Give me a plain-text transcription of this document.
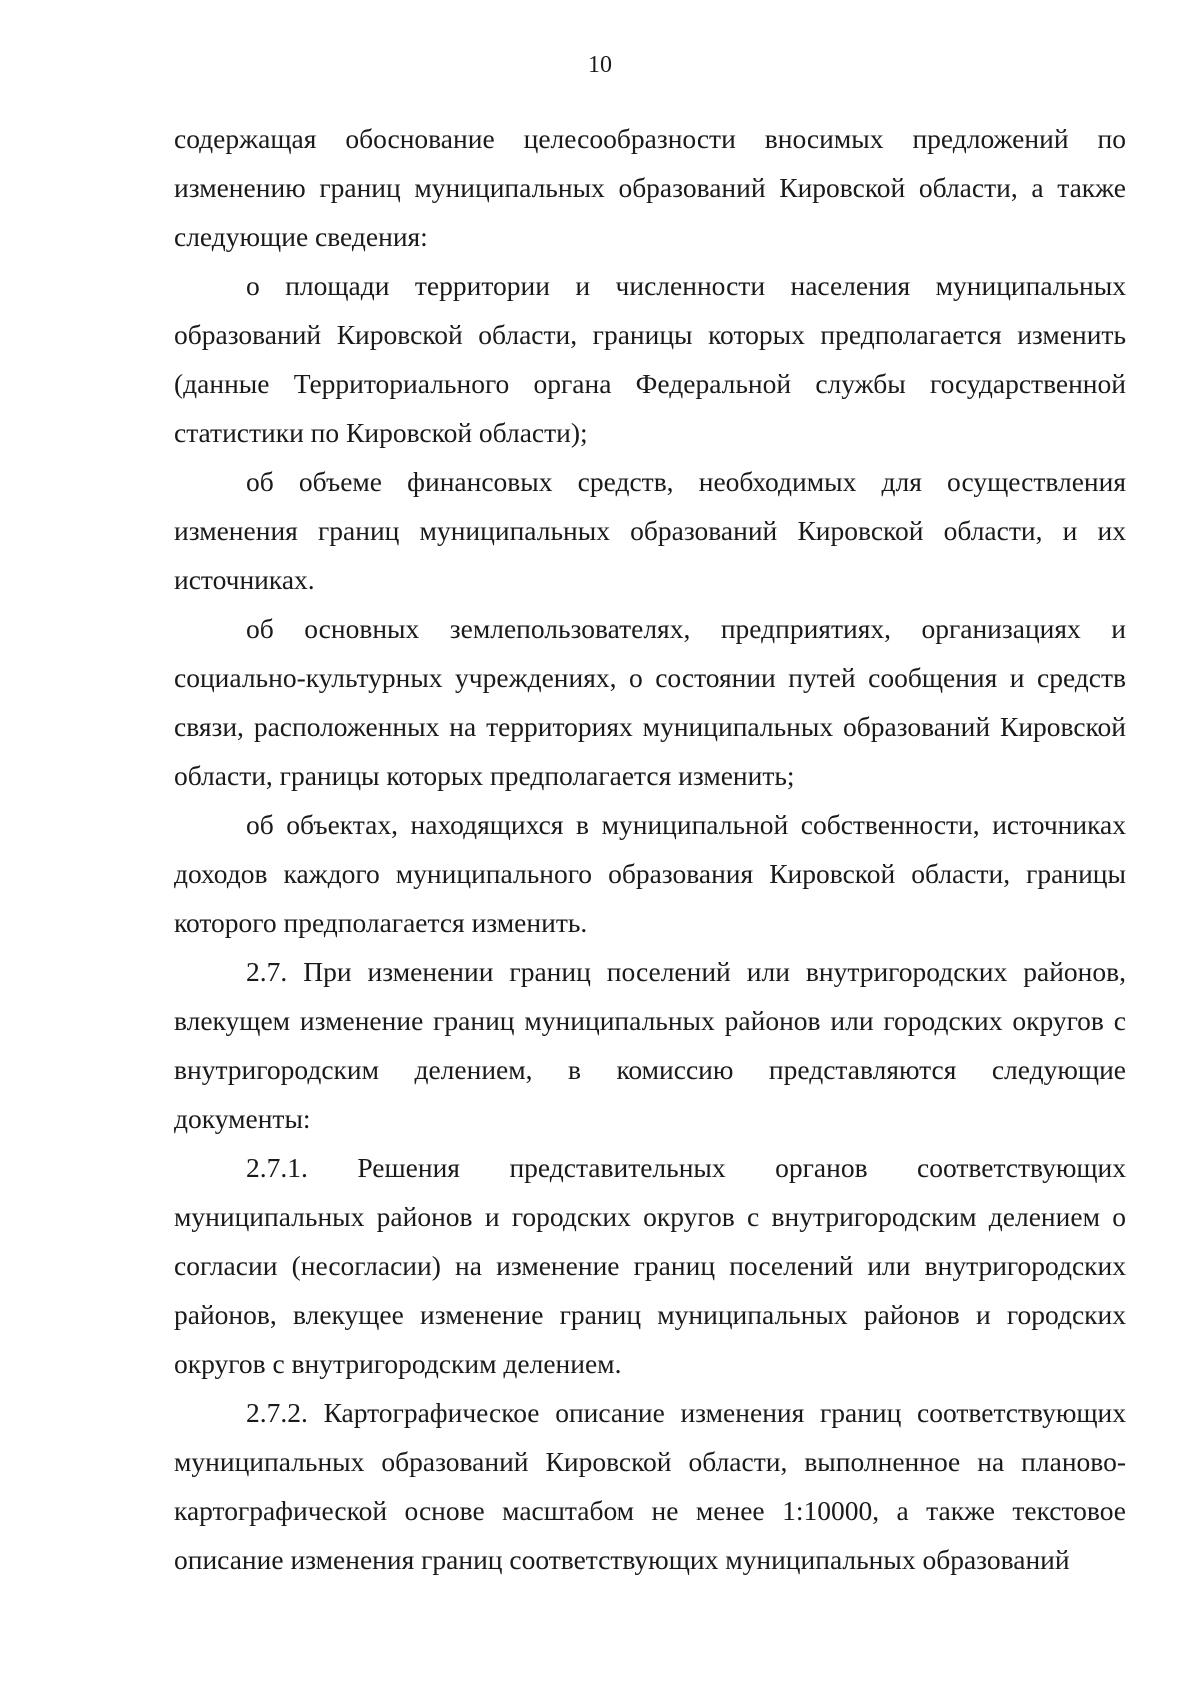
10

содержащая обоснование целесообразности вносимых предложений по изменению границ муниципальных образований Кировской области, а также следующие сведения:

о площади территории и численности населения муниципальных образований Кировской области, границы которых предполагается изменить (данные Территориального органа Федеральной службы государственной статистики по Кировской области);

об объеме финансовых средств, необходимых для осуществления изменения границ муниципальных образований Кировской области, и их источниках.

об основных землепользователях, предприятиях, организациях и социально-культурных учреждениях, о состоянии путей сообщения и средств связи, расположенных на территориях муниципальных образований Кировской области, границы которых предполагается изменить;

об объектах, находящихся в муниципальной собственности, источниках доходов каждого муниципального образования Кировской области, границы которого предполагается изменить.

2.7. При изменении границ поселений или внутригородских районов, влекущем изменение границ муниципальных районов или городских округов с внутригородским делением, в комиссию представляются следующие документы:

2.7.1. Решения представительных органов соответствующих муниципальных районов и городских округов с внутригородским делением о согласии (несогласии) на изменение границ поселений или внутригородских районов, влекущее изменение границ муниципальных районов и городских округов с внутригородским делением.

2.7.2. Картографическое описание изменения границ соответствующих муниципальных образований Кировской области, выполненное на планово-картографической основе масштабом не менее 1:10000, а также текстовое описание изменения границ соответствующих муниципальных образований
